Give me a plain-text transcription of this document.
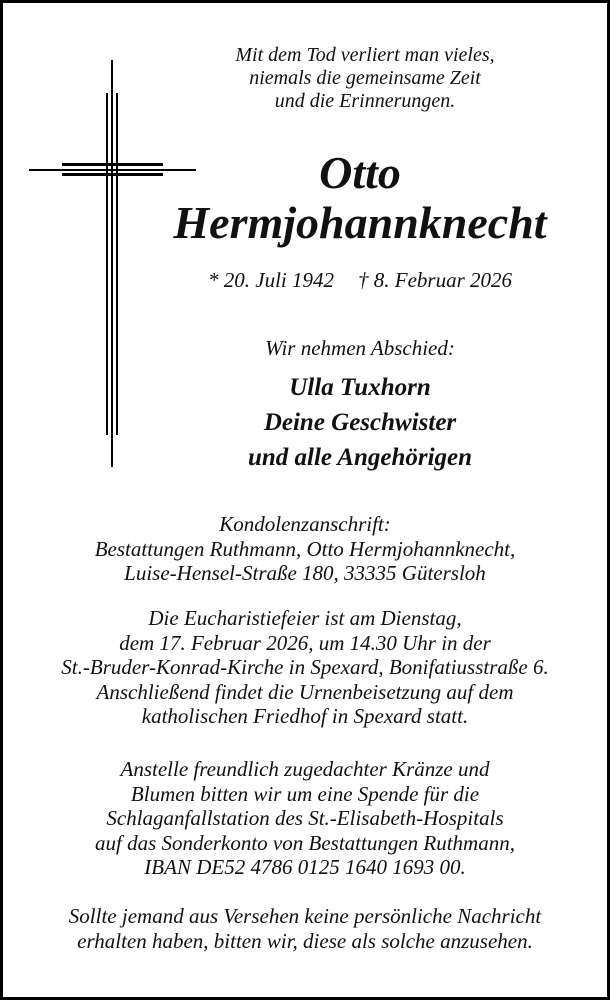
Mit dem Tod verliert man vieles,
niemals die gemeinsame Zeit
und die Erinnerungen.
Otto
Hermjohannknecht
* 20. Juli 1942 † 8. Februar 2026
Wir nehmen Abschied:
Ulla Tuxhorn
Deine Geschwister
und alle Angehörigen
Kondolenzanschrift:
Bestattungen Ruthmann, Otto Hermjohannknecht,
Luise-Hensel-Straße 180, 33335 Gütersloh
Die Eucharistiefeier ist am Dienstag,
dem 17. Februar 2026, um 14.30 Uhr in der
St.-Bruder-Konrad-Kirche in Spexard, Bonifatiusstraße 6.
Anschließend findet die Urnenbeisetzung auf dem
katholischen Friedhof in Spexard statt.
Anstelle freundlich zugedachter Kränze und
Blumen bitten wir um eine Spende für die
Schlaganfallstation des St.-Elisabeth-Hospitals
auf das Sonderkonto von Bestattungen Ruthmann,
IBAN DE52 4786 0125 1640 1693 00.
Sollte jemand aus Versehen keine persönliche Nachricht
erhalten haben, bitten wir, diese als solche anzusehen.
